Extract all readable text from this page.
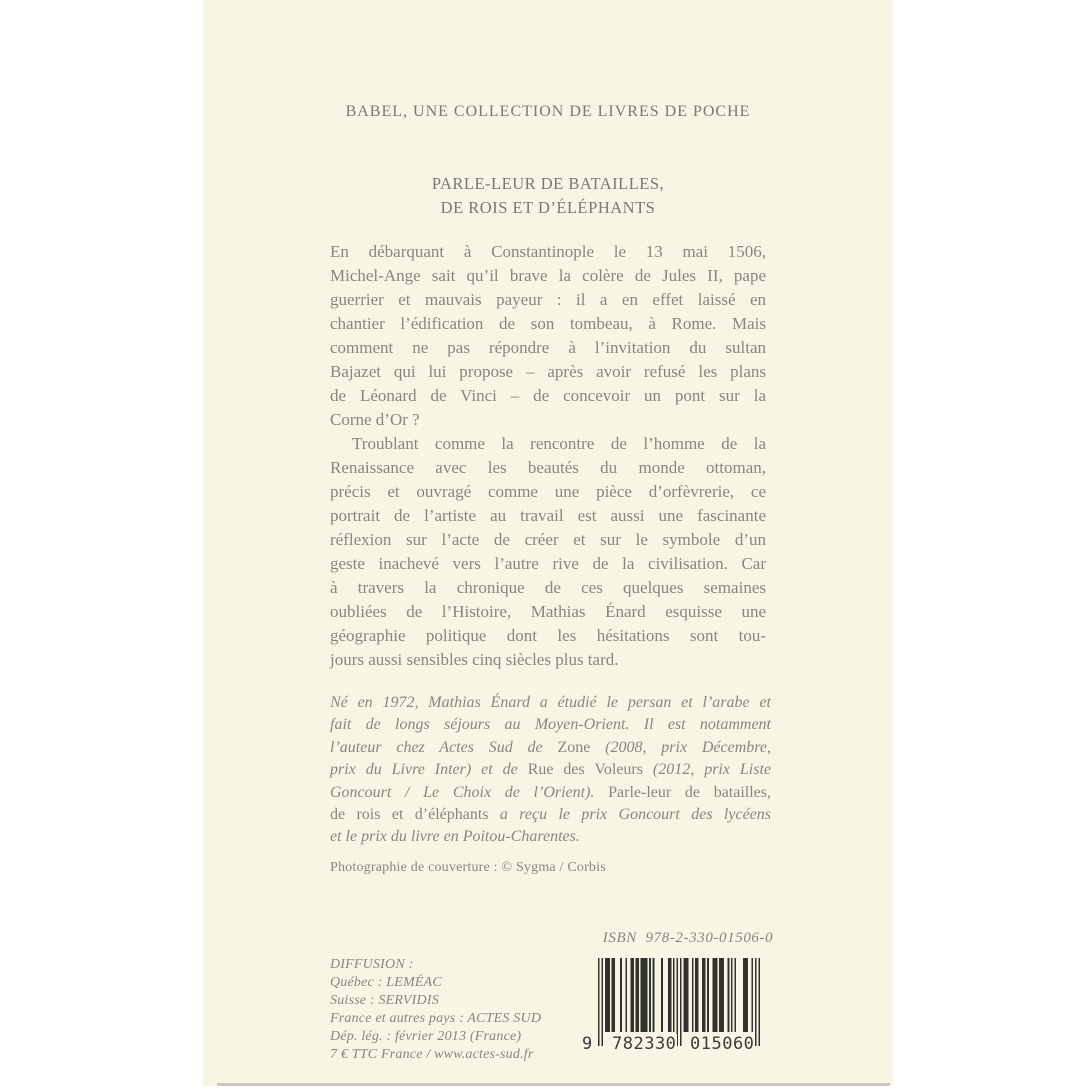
BABEL, UNE COLLECTION DE LIVRES DE POCHE
PARLE-LEUR DE BATAILLES,
DE ROIS ET D’ÉLÉPHANTS
En débarquant à Constantinople le 13 mai 1506,
Michel-Ange sait qu’il brave la colère de Jules II, pape
guerrier et mauvais payeur : il a en effet laissé en
chantier l’édification de son tombeau, à Rome. Mais
comment ne pas répondre à l’invitation du sultan
Bajazet qui lui propose – après avoir refusé les plans
de Léonard de Vinci – de concevoir un pont sur la
Corne d’Or ?
Troublant comme la rencontre de l’homme de la
Renaissance avec les beautés du monde ottoman,
précis et ouvragé comme une pièce d’orfèvrerie, ce
portrait de l’artiste au travail est aussi une fascinante
réflexion sur l’acte de créer et sur le symbole d’un
geste inachevé vers l’autre rive de la civilisation. Car
à travers la chronique de ces quelques semaines
oubliées de l’Histoire, Mathias Énard esquisse une
géographie politique dont les hésitations sont tou-
jours aussi sensibles cinq siècles plus tard.
Né en 1972, Mathias Énard a étudié le persan et l’arabe et
fait de longs séjours au Moyen-Orient. Il est notamment
l’auteur chez Actes Sud de Zone (2008, prix Décembre,
prix du Livre Inter) et de Rue des Voleurs (2012, prix Liste
Goncourt / Le Choix de l’Orient). Parle-leur de batailles,
de rois et d’éléphants a reçu le prix Goncourt des lycéens
et le prix du livre en Poitou-Charentes.
Photographie de couverture : © Sygma / Corbis
ISBN  978-2-330-01506-0
9 782330 015060
DIFFUSION :
Québec : LEMÉAC
Suisse : SERVIDIS
France et autres pays : ACTES SUD
Dép. lég. : février 2013 (France)
7 € TTC France / www.actes-sud.fr
